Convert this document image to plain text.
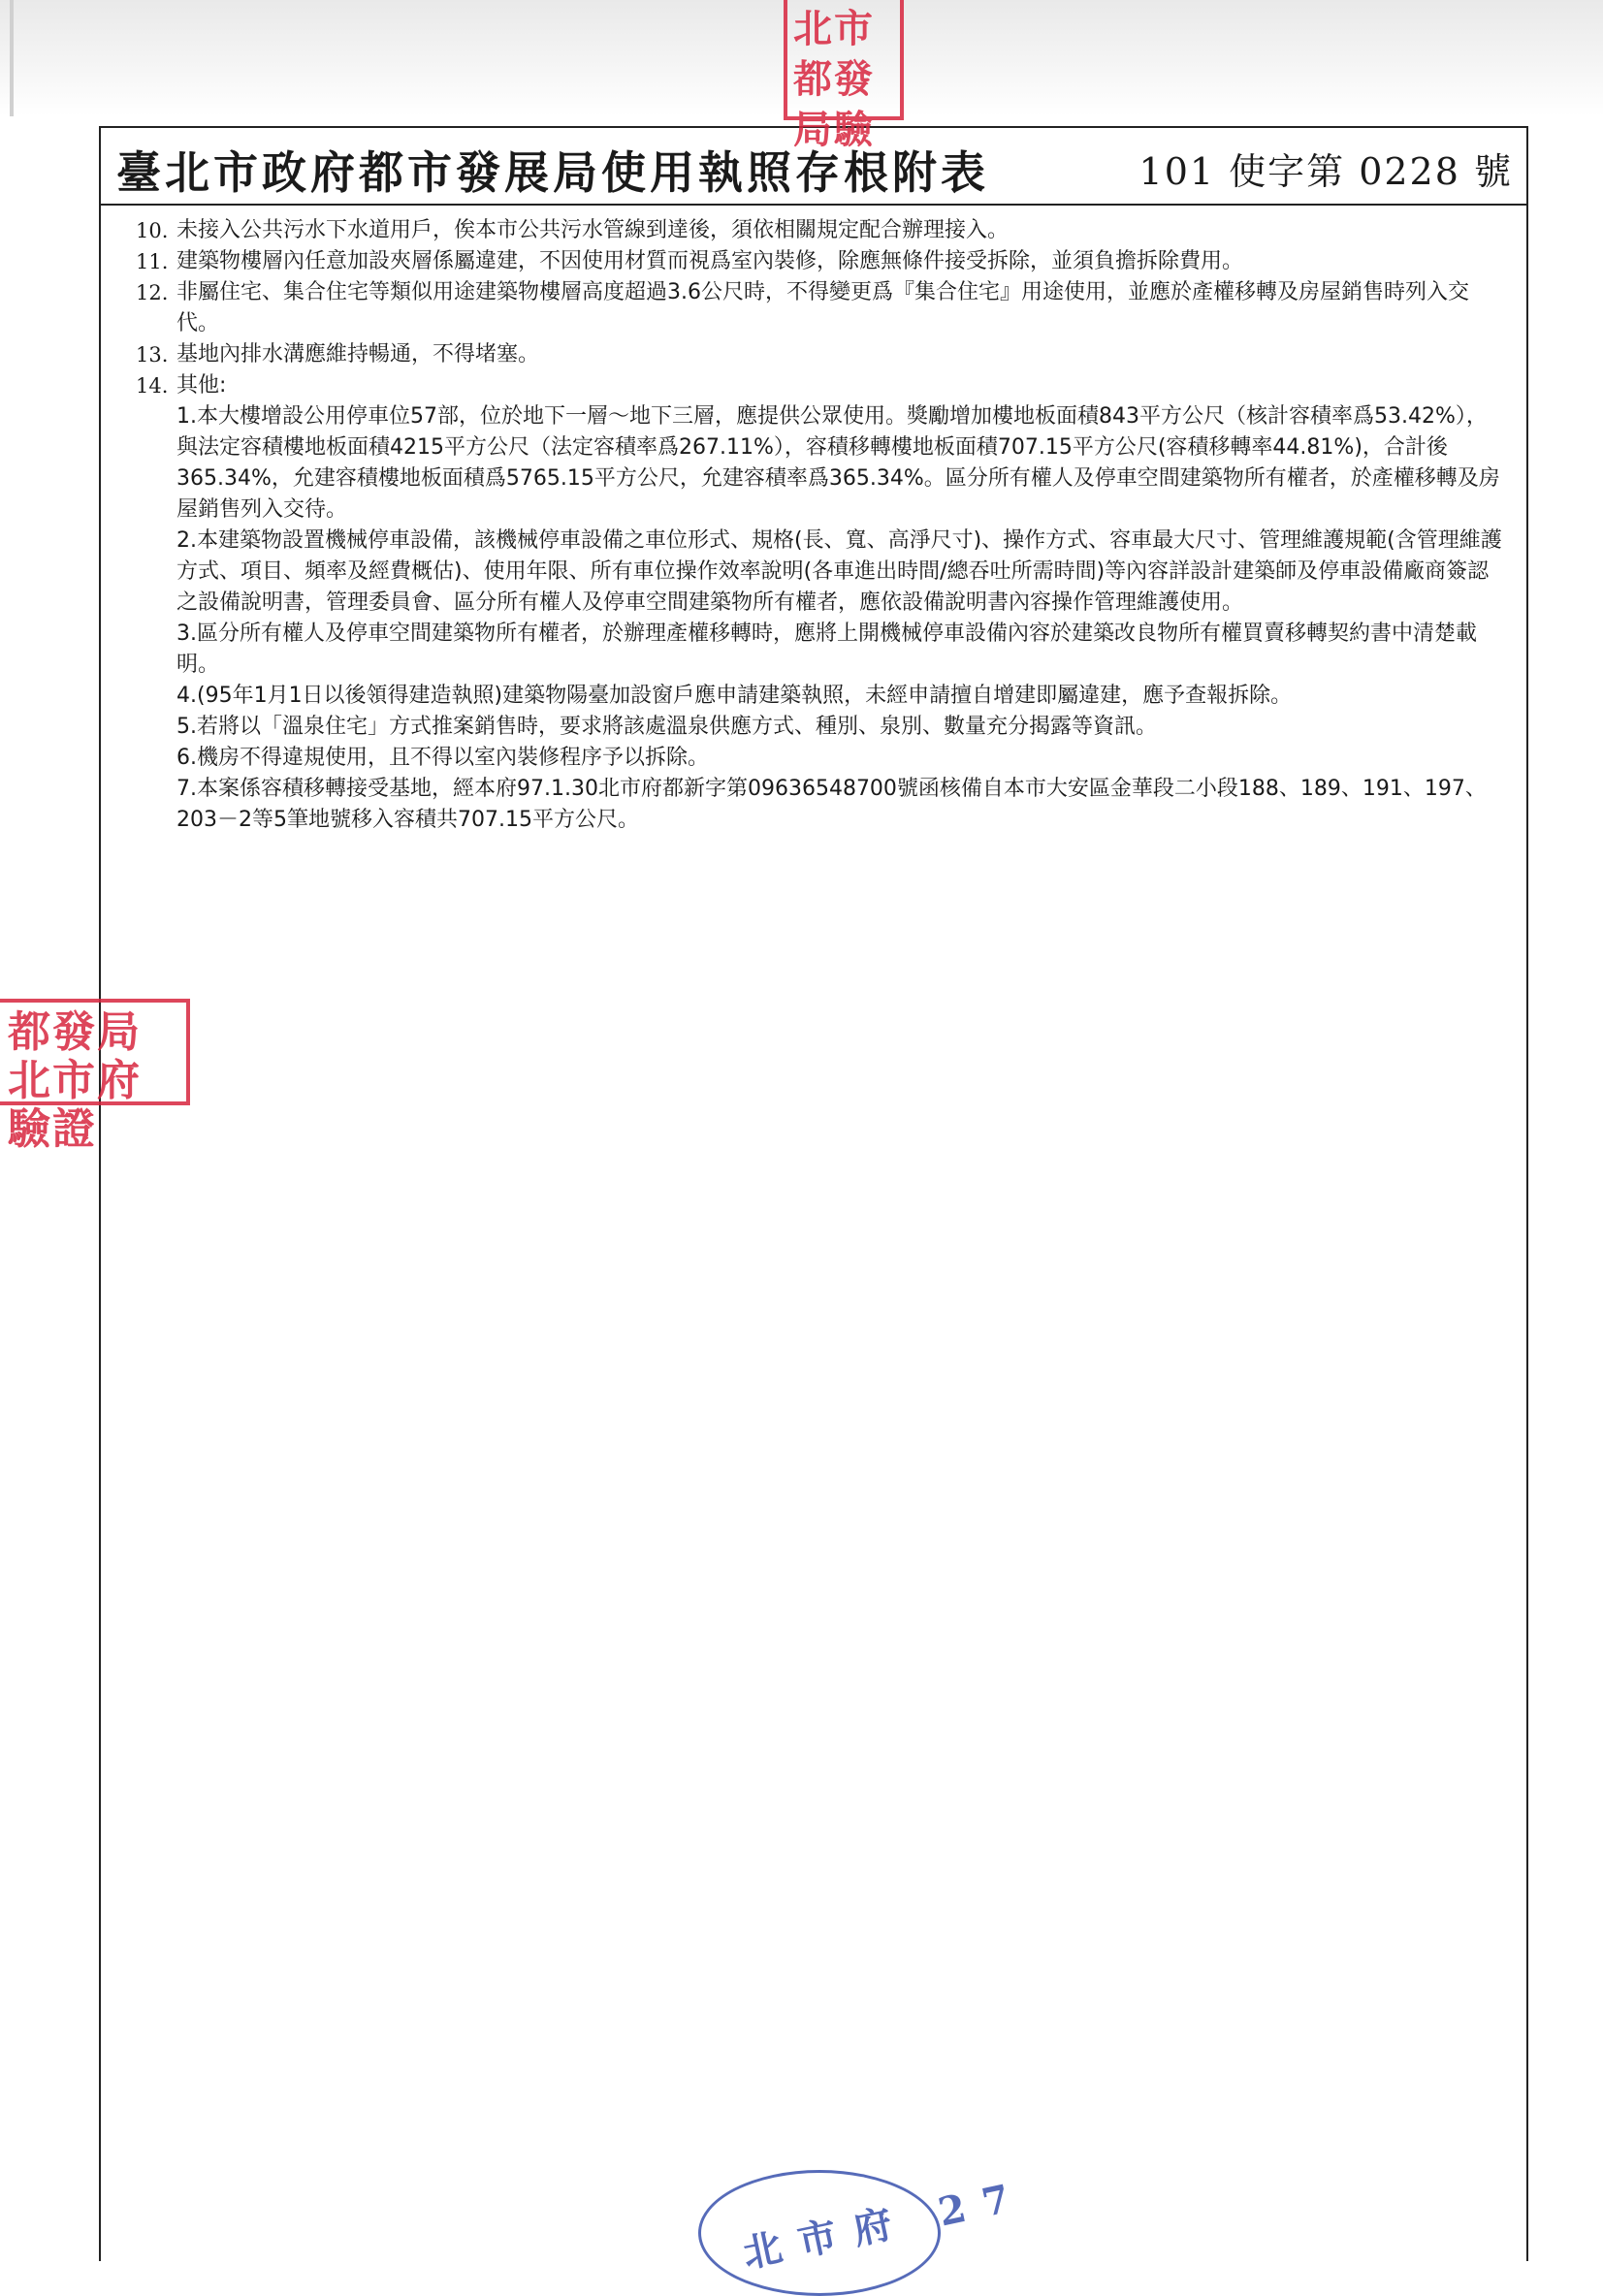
臺北市政府都市發展局使用執照存根附表	101 使字第 0228 號
10. 未接入公共污水下水道用戶，俟本市公共污水管線到達後，須依相關規定配合辦理接入。
11. 建築物樓層內任意加設夾層係屬違建，不因使用材質而視爲室內裝修，除應無條件接受拆除，並須負擔拆除費用。
12. 非屬住宅、集合住宅等類似用途建築物樓層高度超過3.6公尺時，不得變更爲『集合住宅』用途使用，並應於產權移轉及房屋銷售時列入交代。
13. 基地內排水溝應維持暢通，不得堵塞。
14. 其他:

1.本大樓增設公用停車位57部，位於地下一層～地下三層，應提供公眾使用。獎勵增加樓地板面積843平方公尺（核計容積率爲53.42%），與法定容積樓地板面積4215平方公尺（法定容積率爲267.11%），容積移轉樓地板面積707.15平方公尺(容積移轉率44.81%)，合計後365.34%，允建容積樓地板面積爲5765.15平方公尺，允建容積率爲365.34%。區分所有權人及停車空間建築物所有權者，於產權移轉及房屋銷售列入交待。

2.本建築物設置機械停車設備，該機械停車設備之車位形式、規格(長、寬、高淨尺寸)、操作方式、容車最大尺寸、管理維護規範(含管理維護方式、項目、頻率及經費概估)、使用年限、所有車位操作效率說明(各車進出時間/總吞吐所需時間)等內容詳設計建築師及停車設備廠商簽認之設備說明書，管理委員會、區分所有權人及停車空間建築物所有權者，應依設備說明書內容操作管理維護使用。

3.區分所有權人及停車空間建築物所有權者，於辦理產權移轉時，應將上開機械停車設備內容於建築改良物所有權買賣移轉契約書中清楚載明。

4.(95年1月1日以後領得建造執照)建築物陽臺加設窗戶應申請建築執照，未經申請擅自增建即屬違建，應予查報拆除。

5.若將以「溫泉住宅」方式推案銷售時，要求將該處溫泉供應方式、種別、泉別、數量充分揭露等資訊。

6.機房不得違規使用，且不得以室內裝修程序予以拆除。

7.本案係容積移轉接受基地，經本府97.1.30北市府都新字第09636548700號函核備自本市大安區金華段二小段188、189、191、197、203－2等5筆地號移入容積共707.15平方公尺。

北市都發局驗
都發局北市府驗證
北市府 27
